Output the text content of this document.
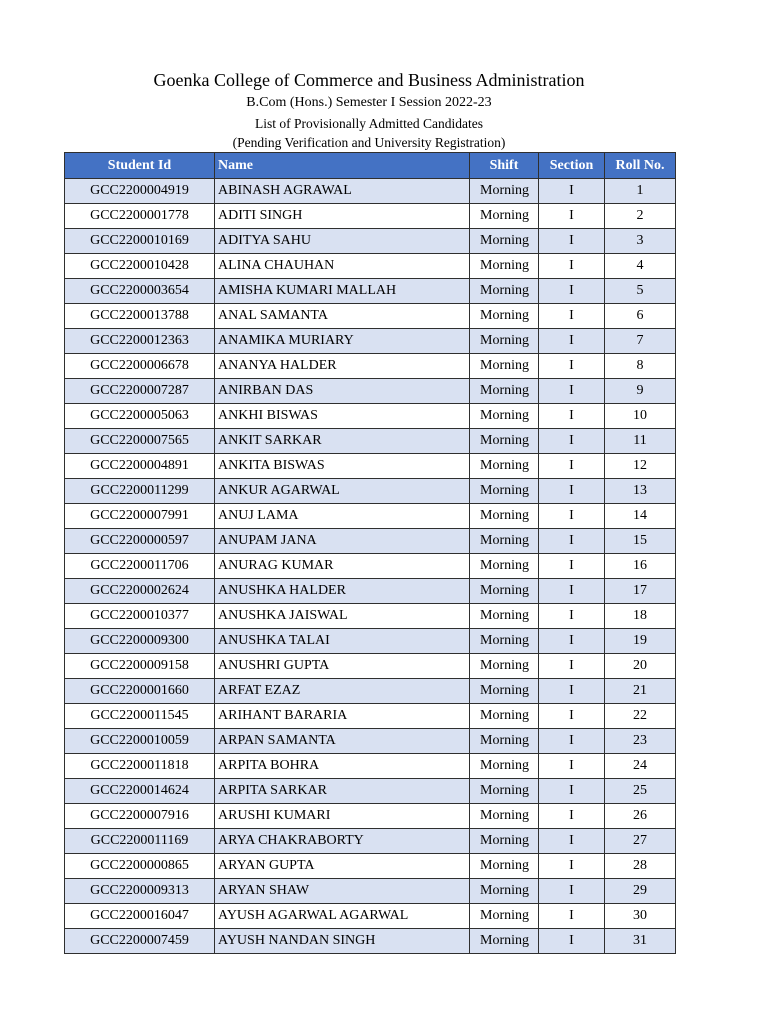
Goenka College of Commerce and Business Administration
B.Com (Hons.) Semester I Session 2022-23
List of Provisionally Admitted Candidates
(Pending Verification and University Registration)
Student Id	Name	Shift	Section	Roll No.
GCC2200004919	ABINASH AGRAWAL	Morning	I	1
GCC2200001778	ADITI SINGH	Morning	I	2
GCC2200010169	ADITYA SAHU	Morning	I	3
GCC2200010428	ALINA CHAUHAN	Morning	I	4
GCC2200003654	AMISHA KUMARI MALLAH	Morning	I	5
GCC2200013788	ANAL SAMANTA	Morning	I	6
GCC2200012363	ANAMIKA MURIARY	Morning	I	7
GCC2200006678	ANANYA HALDER	Morning	I	8
GCC2200007287	ANIRBAN DAS	Morning	I	9
GCC2200005063	ANKHI BISWAS	Morning	I	10
GCC2200007565	ANKIT SARKAR	Morning	I	11
GCC2200004891	ANKITA BISWAS	Morning	I	12
GCC2200011299	ANKUR AGARWAL	Morning	I	13
GCC2200007991	ANUJ LAMA	Morning	I	14
GCC2200000597	ANUPAM JANA	Morning	I	15
GCC2200011706	ANURAG KUMAR	Morning	I	16
GCC2200002624	ANUSHKA HALDER	Morning	I	17
GCC2200010377	ANUSHKA JAISWAL	Morning	I	18
GCC2200009300	ANUSHKA TALAI	Morning	I	19
GCC2200009158	ANUSHRI GUPTA	Morning	I	20
GCC2200001660	ARFAT EZAZ	Morning	I	21
GCC2200011545	ARIHANT BARARIA	Morning	I	22
GCC2200010059	ARPAN SAMANTA	Morning	I	23
GCC2200011818	ARPITA BOHRA	Morning	I	24
GCC2200014624	ARPITA SARKAR	Morning	I	25
GCC2200007916	ARUSHI KUMARI	Morning	I	26
GCC2200011169	ARYA CHAKRABORTY	Morning	I	27
GCC2200000865	ARYAN GUPTA	Morning	I	28
GCC2200009313	ARYAN SHAW	Morning	I	29
GCC2200016047	AYUSH AGARWAL AGARWAL	Morning	I	30
GCC2200007459	AYUSH NANDAN SINGH	Morning	I	31
